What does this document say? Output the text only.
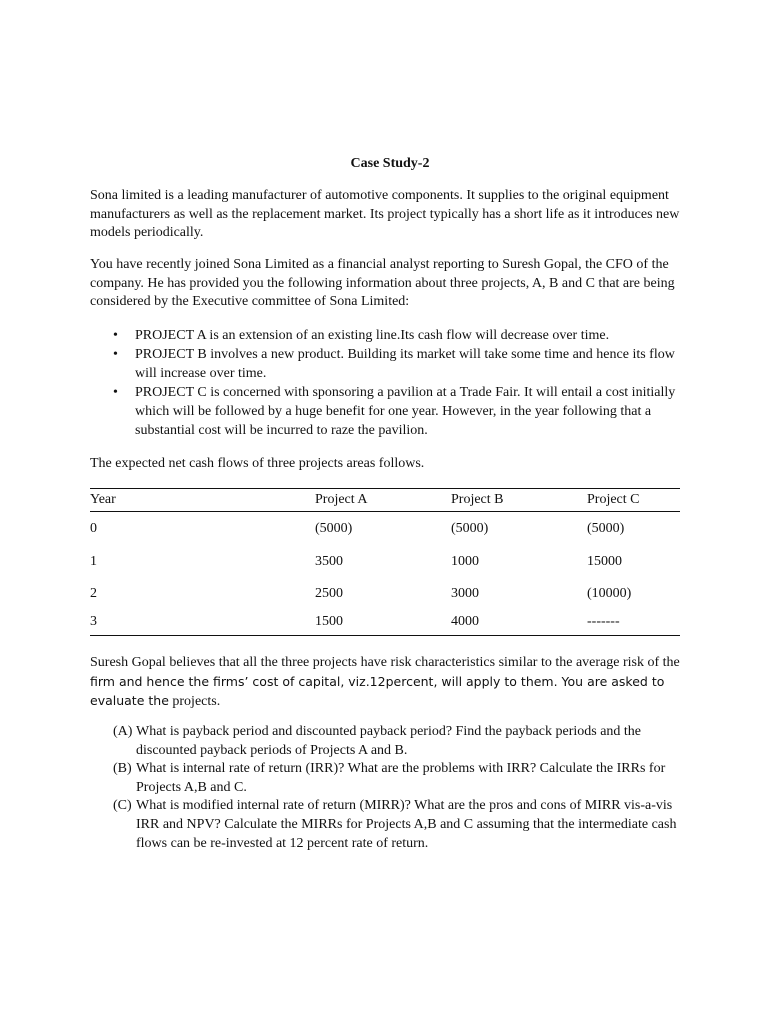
Case Study-2

Sona limited is a leading manufacturer of automotive components. It supplies to the original equipment manufacturers as well as the replacement market. Its project typically has a short life as it introduces new models periodically.

You have recently joined Sona Limited as a financial analyst reporting to Suresh Gopal, the CFO of the company. He has provided you the following information about three projects, A, B and C that are being considered by the Executive committee of Sona Limited:

• PROJECT A is an extension of an existing line.Its cash flow will decrease over time.
• PROJECT B involves a new product. Building its market will take some time and hence its flow will increase over time.
• PROJECT C is concerned with sponsoring a pavilion at a Trade Fair. It will entail a cost initially which will be followed by a huge benefit for one year. However, in the year following that a substantial cost will be incurred to raze the pavilion.

The expected net cash flows of three projects areas follows.

Year	Project A	Project B	Project C
0	(5000)	(5000)	(5000)
1	3500	1000	15000
2	2500	3000	(10000)
3	1500	4000	-------

Suresh Gopal believes that all the three projects have risk characteristics similar to the average risk of the firm and hence the firms’ cost of capital, viz.12percent, will apply to them. You are asked to evaluate the projects.

(A) What is payback period and discounted payback period? Find the payback periods and the discounted payback periods of Projects A and B.
(B) What is internal rate of return (IRR)? What are the problems with IRR? Calculate the IRRs for Projects A,B and C.
(C) What is modified internal rate of return (MIRR)? What are the pros and cons of MIRR vis-a-vis IRR and NPV? Calculate the MIRRs for Projects A,B and C assuming that the intermediate cash flows can be re-invested at 12 percent rate of return.
